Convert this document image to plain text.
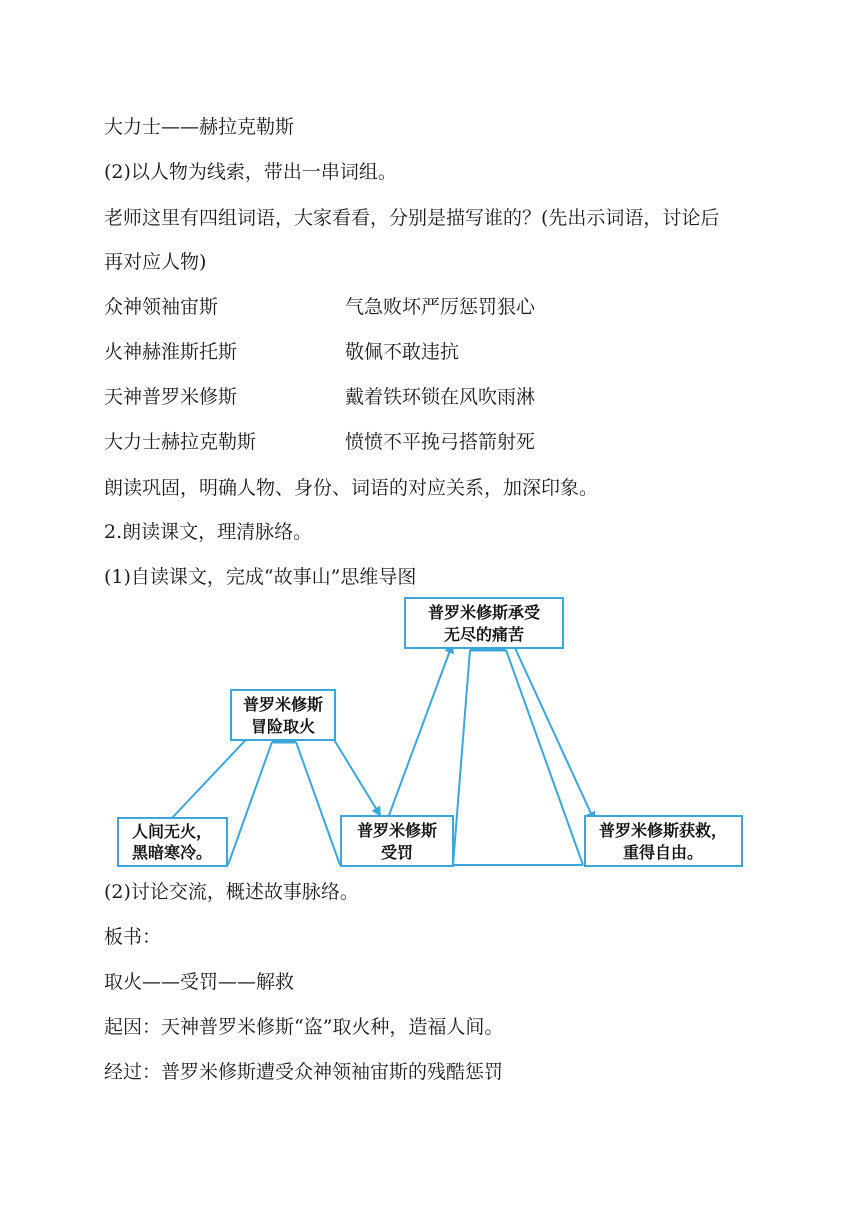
大力士——赫拉克勒斯
(2)以人物为线索，带出一串词组。
老师这里有四组词语，大家看看，分别是描写谁的？(先出示词语，讨论后
再对应人物)
众神领袖宙斯	气急败坏严厉惩罚狠心
火神赫淮斯托斯	敬佩不敢违抗
天神普罗米修斯	戴着铁环锁在风吹雨淋
大力士赫拉克勒斯	愤愤不平挽弓搭箭射死
朗读巩固，明确人物、身份、词语的对应关系，加深印象。
2.朗读课文，理清脉络。
(1)自读课文，完成“故事山”思维导图
人间无火，
黑暗寒冷。
普罗米修斯
冒险取火
普罗米修斯
受罚
普罗米修斯承受
无尽的痛苦
普罗米修斯获救，
重得自由。
(2)讨论交流，概述故事脉络。
板书：
取火——受罚——解救
起因：天神普罗米修斯“盗”取火种，造福人间。
经过：普罗米修斯遭受众神领袖宙斯的残酷惩罚
